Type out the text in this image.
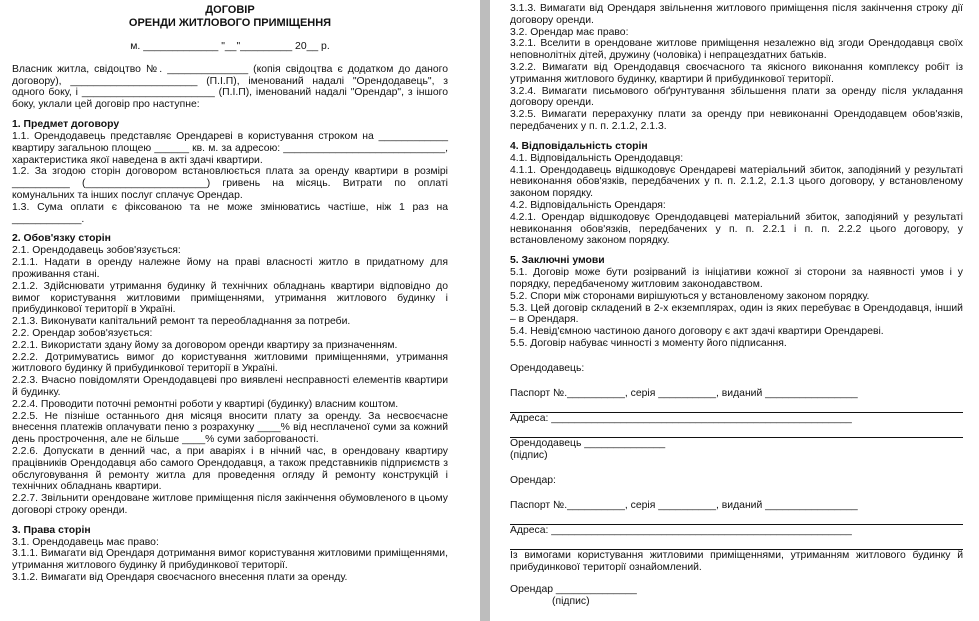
ДОГОВІР
ОРЕНДИ ЖИТЛОВОГО ПРИМІЩЕННЯ
м. _____________ "__"_________ 20__ р.
Власник житла, свідоцтво №. ______________ (копія свідоцтва є додатком до даного договору), ______________________ (П.І.П), іменований надалі "Орендодавець", з одного боку, і _______________________ (П.І.П), іменований надалі "Орендар", з іншого боку, уклали цей договір про наступне:
1. Предмет договору
1.1. Орендодавець представляє Орендареві в користування строком на ____________ квартиру загальною площею ______ кв. м. за адресою: ____________________________, характеристика якої наведена в акті здачі квартири.
1.2. За згодою сторін договором встановлюється плата за оренду квартири в розмірі __________ (_____________________) гривень на місяць. Витрати по оплаті комунальних та інших послуг сплачує Орендар.
1.3. Сума оплати є фіксованою та не може змінюватись частіше, ніж 1 раз на ____________.
2. Обов'язку сторін
2.1. Орендодавець зобов'язується:
2.1.1. Надати в оренду належне йому на праві власності житло в придатному для проживання стані.
2.1.2. Здійснювати утримання будинку й технічних обладнань квартири відповідно до вимог користування житловими приміщеннями, утримання житлового будинку і прибудинкової території в Україні.
2.1.3. Виконувати капітальний ремонт та переобладнання за потреби.
2.2. Орендар зобов'язується:
2.2.1. Використати здану йому за договором оренди квартиру за призначенням.
2.2.2. Дотримуватись вимог до користування житловими приміщеннями, утримання житлового будинку й прибудинкової території в Україні.
2.2.3. Вчасно повідомляти Орендодавцеві про виявлені несправності елементів квартири й будинку.
2.2.4. Проводити поточні ремонтні роботи у квартирі (будинку) власним коштом.
2.2.5. Не пізніше останнього дня місяця вносити плату за оренду. За несвоєчасне внесення платежів оплачувати пеню з розрахунку ____% від несплаченої суми за кожний день прострочення, але не більше ____% суми заборгованості.
2.2.6. Допускати в денний час, а при аваріях і в нічний час, в орендовану квартиру працівників Орендодавця або самого Орендодавця, а також представників підприємств з обслуговування й ремонту житла для проведення огляду й ремонту конструкцій і технічних обладнань квартири.
2.2.7. Звільнити орендоване житлове приміщення після закінчення обумовленого в цьому договорі строку оренди.
3. Права сторін
3.1. Орендодавець має право:
3.1.1. Вимагати від Орендаря дотримання вимог користування житловими приміщеннями, утримання житлового будинку й прибудинкової території.
3.1.2. Вимагати від Орендаря своєчасного внесення плати за оренду.
3.1.3. Вимагати від Орендаря звільнення житлового приміщення після закінчення строку дії договору оренди.
3.2. Орендар має право:
3.2.1. Вселити в орендоване житлове приміщення незалежно від згоди Орендодавця своїх неповнолітніх дітей, дружину (чоловіка) і непрацездатних батьків.
3.2.2. Вимагати від Орендодавця своєчасного та якісного виконання комплексу робіт із утримання житлового будинку, квартири й прибудинкової території.
3.2.4. Вимагати письмового обґрунтування збільшення плати за оренду після укладання договору оренди.
3.2.5. Вимагати перерахунку плати за оренду при невиконанні Орендодавцем обов'язків, передбачених у п. п. 2.1.2, 2.1.3.
4. Відповідальність сторін
4.1. Відповідальність Орендодавця:
4.1.1. Орендодавець відшкодовує Орендареві матеріальний збиток, заподіяний у результаті невиконання обов'язків, передбачених у п. п. 2.1.2, 2.1.3 цього договору, у встановленому законом порядку.
4.2. Відповідальність Орендаря:
4.2.1. Орендар відшкодовує Орендодавцеві матеріальний збиток, заподіяний у результаті невиконання обов'язків, передбачених у п. п. 2.2.1 і п. п. 2.2.2 цього договору, у встановленому законом порядку.
5. Заключні умови
5.1. Договір може бути розірваний із ініціативи кожної зі сторони за наявності умов і у порядку, передбаченому житловим законодавством.
5.2. Спори між сторонами вирішуються у встановленому законом порядку.
5.3. Цей договір складений в 2-х екземплярах, один із яких перебуває в Орендодавця, інший – в Орендаря.
5.4. Невід'ємною частиною даного договору є акт здачі квартири Орендареві.
5.5. Договір набуває чинності з моменту його підписання.
Орендодавець:
Паспорт №.__________, серія __________, виданий ________________
Адреса: ____________________________________________________
Орендодавець ______________
(підпис)
Орендар:
Паспорт №.__________, серія __________, виданий ________________
Адреса: ____________________________________________________
Із вимогами користування житловими приміщеннями, утриманням житлового будинку й прибудинкової території ознайомлений.
Орендар ______________
(підпис)
